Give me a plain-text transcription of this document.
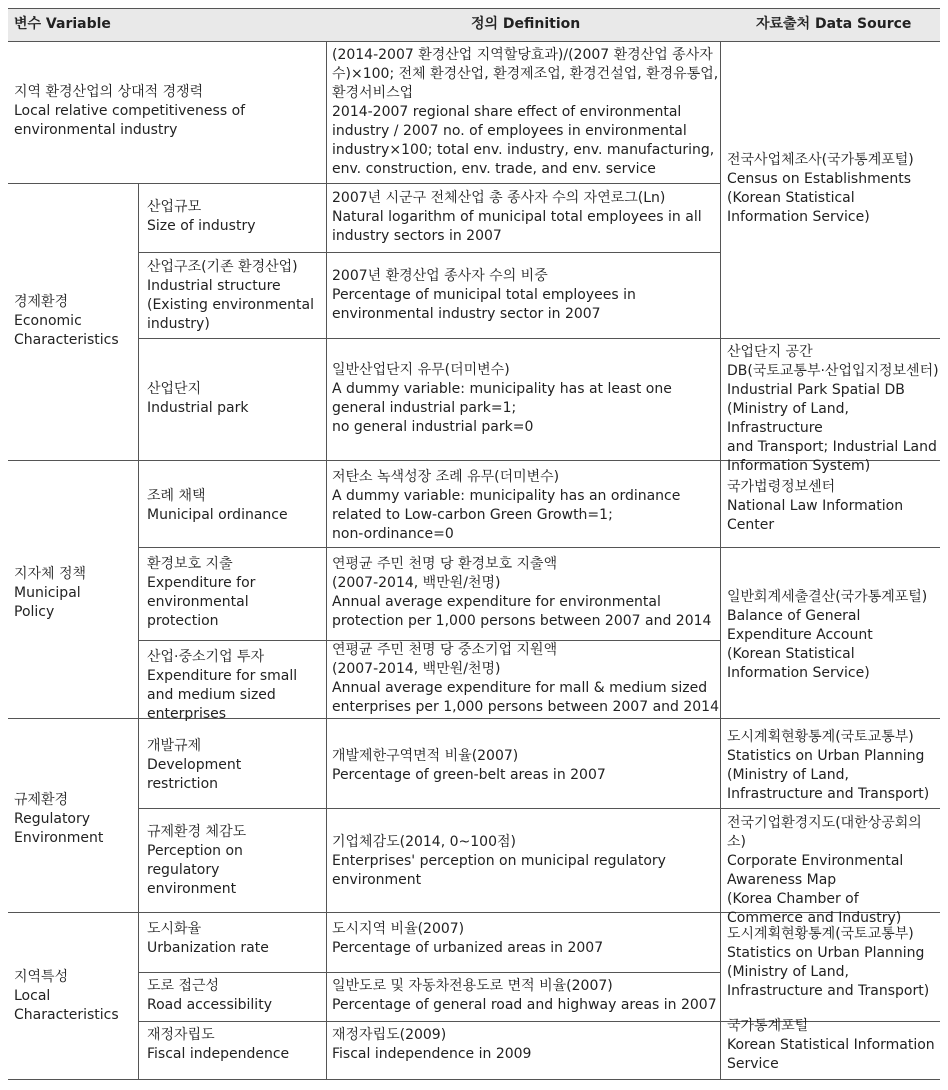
변수 Variable	정의 Definition	자료출처 Data Source
지역 환경산업의 상대적 경쟁력
Local relative competitiveness of
environmental industry
경제환경
Economic
Characteristics
지자체 정책
Municipal
Policy
규제환경
Regulatory
Environment
지역특성
Local
Characteristics
산업규모
Size of industry
산업구조(기존 환경산업)
Industrial structure
(Existing environmental
industry)
산업단지
Industrial park
조례 채택
Municipal ordinance
환경보호 지출
Expenditure for
environmental
protection
산업·중소기업 투자
Expenditure for small
and medium sized
enterprises
개발규제
Development
restriction
규제환경 체감도
Perception on
regulatory
environment
도시화율
Urbanization rate
도로 접근성
Road accessibility
재정자립도
Fiscal independence
(2014-2007 환경산업 지역할당효과)/(2007 환경산업 종사자
수)×100; 전체 환경산업, 환경제조업, 환경건설업, 환경유통업,
환경서비스업
2014-2007 regional share effect of environmental
industry / 2007 no. of employees in environmental
industry×100; total env. industry, env. manufacturing,
env. construction, env. trade, and env. service
2007년 시군구 전체산업 총 종사자 수의 자연로그(Ln)
Natural logarithm of municipal total employees in all
industry sectors in 2007
2007년 환경산업 종사자 수의 비중
Percentage of municipal total employees in
environmental industry sector in 2007
일반산업단지 유무(더미변수)
A dummy variable: municipality has at least one
general industrial park=1;
no general industrial park=0
저탄소 녹색성장 조례 유무(더미변수)
A dummy variable: municipality has an ordinance
related to Low-carbon Green Growth=1;
non-ordinance=0
연평균 주민 천명 당 환경보호 지출액
(2007-2014, 백만원/천명)
Annual average expenditure for environmental
protection per 1,000 persons between 2007 and 2014
연평균 주민 천명 당 중소기업 지원액
(2007-2014, 백만원/천명)
Annual average expenditure for mall & medium sized
enterprises per 1,000 persons between 2007 and 2014
개발제한구역면적 비율(2007)
Percentage of green-belt areas in 2007
기업체감도(2014, 0~100점)
Enterprises' perception on municipal regulatory
environment
도시지역 비율(2007)
Percentage of urbanized areas in 2007
일반도로 및 자동차전용도로 면적 비율(2007)
Percentage of general road and highway areas in 2007
재정자립도(2009)
Fiscal independence in 2009
전국사업체조사(국가통계포털)
Census on Establishments
(Korean Statistical
Information Service)
산업단지 공간
DB(국토교통부·산업입지정보센터)
Industrial Park Spatial DB
(Ministry of Land, Infrastructure
and Transport; Industrial Land
Information System)
국가법령정보센터
National Law Information
Center
일반회계세출결산(국가통계포털)
Balance of General
Expenditure Account
(Korean Statistical
Information Service)
도시계획현황통계(국토교통부)
Statistics on Urban Planning
(Ministry of Land,
Infrastructure and Transport)
전국기업환경지도(대한상공회의소)
Corporate Environmental
Awareness Map
(Korea Chamber of
Commerce and Industry)
도시계획현황통계(국토교통부)
Statistics on Urban Planning
(Ministry of Land,
Infrastructure and Transport)
국가통계포털
Korean Statistical Information
Service
